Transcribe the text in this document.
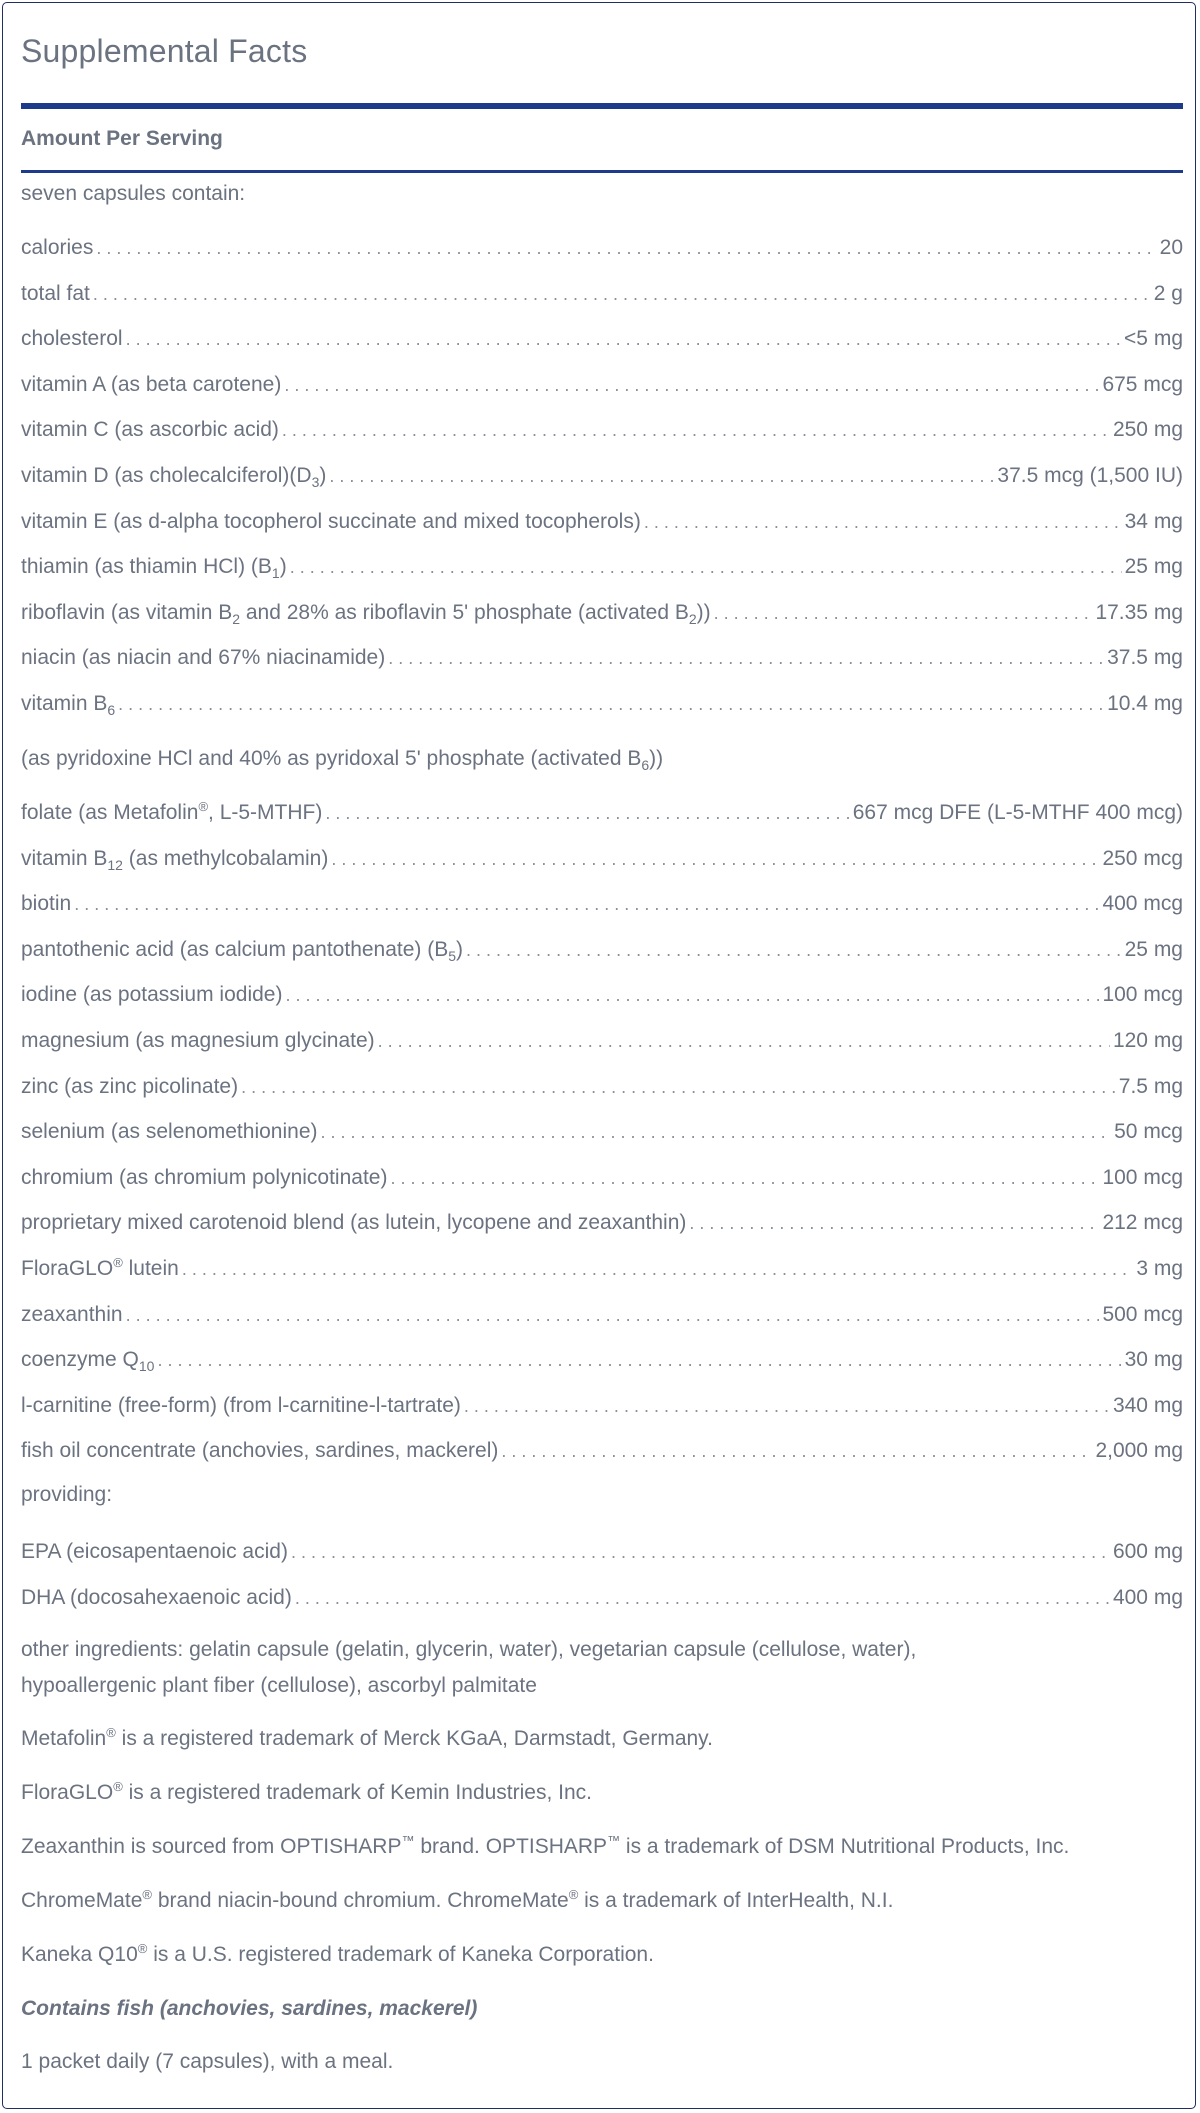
Supplemental Facts
Amount Per Serving
seven capsules contain:
calories . . .	20
total fat . . .	2 g
cholesterol . . .	<5 mg
vitamin A (as beta carotene) . . .	675 mcg
vitamin C (as ascorbic acid) . . .	250 mg
vitamin D (as $cholecalciferol)(D_3)$ . . .	37.5 mcg (1,500 IU)
vitamin E (as d-alpha tocopherol succinate and mixed tocopherols) . . .	34 mg
thiamin (as thiamin HCl) $(B_1)$ . . .	25 mg
riboflavin (as vitamin $B_2$ and 28% as riboflavin 5' phosphate (activated $B_2$)) . . .	17.35 mg
niacin (as niacin and 67% niacinamide) . . .	37.5 mg
vitamin $B_6$ . . .	10.4 mg
(as pyridoxine HCl and 40% as pyridoxal 5' phosphate (activated $B_6$))
folate (as Metafolin®, L-5-MTHF) . . .	667 mcg DFE (L-5-MTHF 400 mcg)
vitamin $B_{12}$ (as methylcobalamin) . . .	250 mcg
biotin . . .	400 mcg
pantothenic acid (as calcium pantothenate) $(B_5)$ . . .	25 mg
iodine (as potassium iodide) . . .	100 mcg
magnesium (as magnesium glycinate) . . .	120 mg
zinc (as zinc picolinate) . . .	7.5 mg
selenium (as selenomethionine) . . .	50 mcg
chromium (as chromium polynicotinate) . . .	100 mcg
proprietary mixed carotenoid blend (as lutein, lycopene and zeaxanthin) . . .	212 mcg
FloraGLO® lutein . . .	3 mg
zeaxanthin . . .	500 mcg
coenzyme $Q_{10}$ . . .	30 mg
l-carnitine (free-form) (from l-carnitine-l-tartrate) . . .	340 mg
fish oil concentrate (anchovies, sardines, mackerel) . . .	2,000 mg
providing:
EPA (eicosapentaenoic acid) . . .	600 mg
DHA (docosahexaenoic acid) . . .	400 mg
other ingredients: gelatin capsule (gelatin, glycerin, water), vegetarian capsule (cellulose, water),
hypoallergenic plant fiber (cellulose), ascorbyl palmitate
Metafolin® is a registered trademark of Merck KGaA, Darmstadt, Germany.
FloraGLO® is a registered trademark of Kemin Industries, Inc.
Zeaxanthin is sourced from OPTISHARP™ brand. OPTISHARP™ is a trademark of DSM Nutritional Products, Inc.
ChromeMate® brand niacin-bound chromium. ChromeMate® is a trademark of InterHealth, N.I.
Kaneka Q10® is a U.S. registered trademark of Kaneka Corporation.
Contains fish (anchovies, sardines, mackerel)
1 packet daily (7 capsules), with a meal.
